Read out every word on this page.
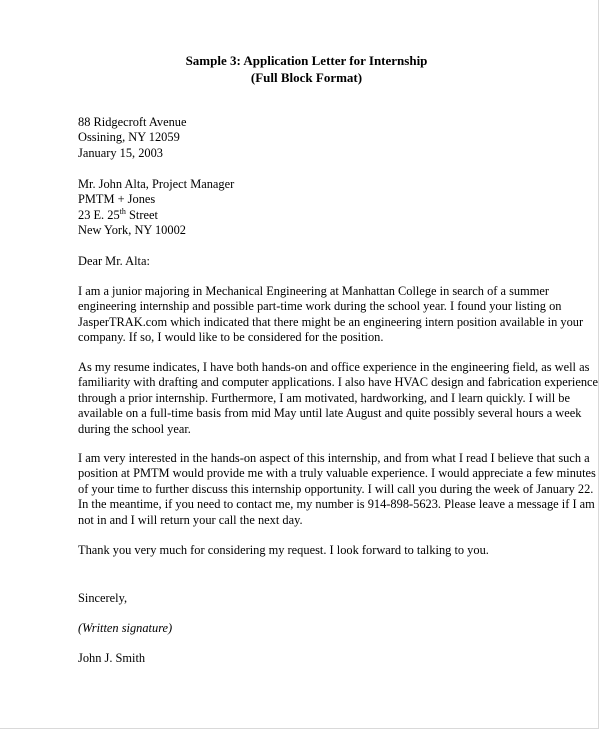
Sample 3: Application Letter for Internship
(Full Block Format)
88 Ridgecroft Avenue
Ossining, NY 12059
January 15, 2003
Mr. John Alta, Project Manager
PMTM + Jones
23 E. 25th Street
New York, NY 10002
Dear Mr. Alta:
I am a junior majoring in Mechanical Engineering at Manhattan College in search of a summer
engineering internship and possible part-time work during the school year. I found your listing on
JasperTRAK.com which indicated that there might be an engineering intern position available in your
company. If so, I would like to be considered for the position.
As my resume indicates, I have both hands-on and office experience in the engineering field, as well as
familiarity with drafting and computer applications. I also have HVAC design and fabrication experience
through a prior internship. Furthermore, I am motivated, hardworking, and I learn quickly. I will be
available on a full-time basis from mid May until late August and quite possibly several hours a week
during the school year.
I am very interested in the hands-on aspect of this internship, and from what I read I believe that such a
position at PMTM would provide me with a truly valuable experience. I would appreciate a few minutes
of your time to further discuss this internship opportunity. I will call you during the week of January 22.
In the meantime, if you need to contact me, my number is 914-898-5623. Please leave a message if I am
not in and I will return your call the next day.
Thank you very much for considering my request. I look forward to talking to you.
Sincerely,
(Written signature)
John J. Smith
